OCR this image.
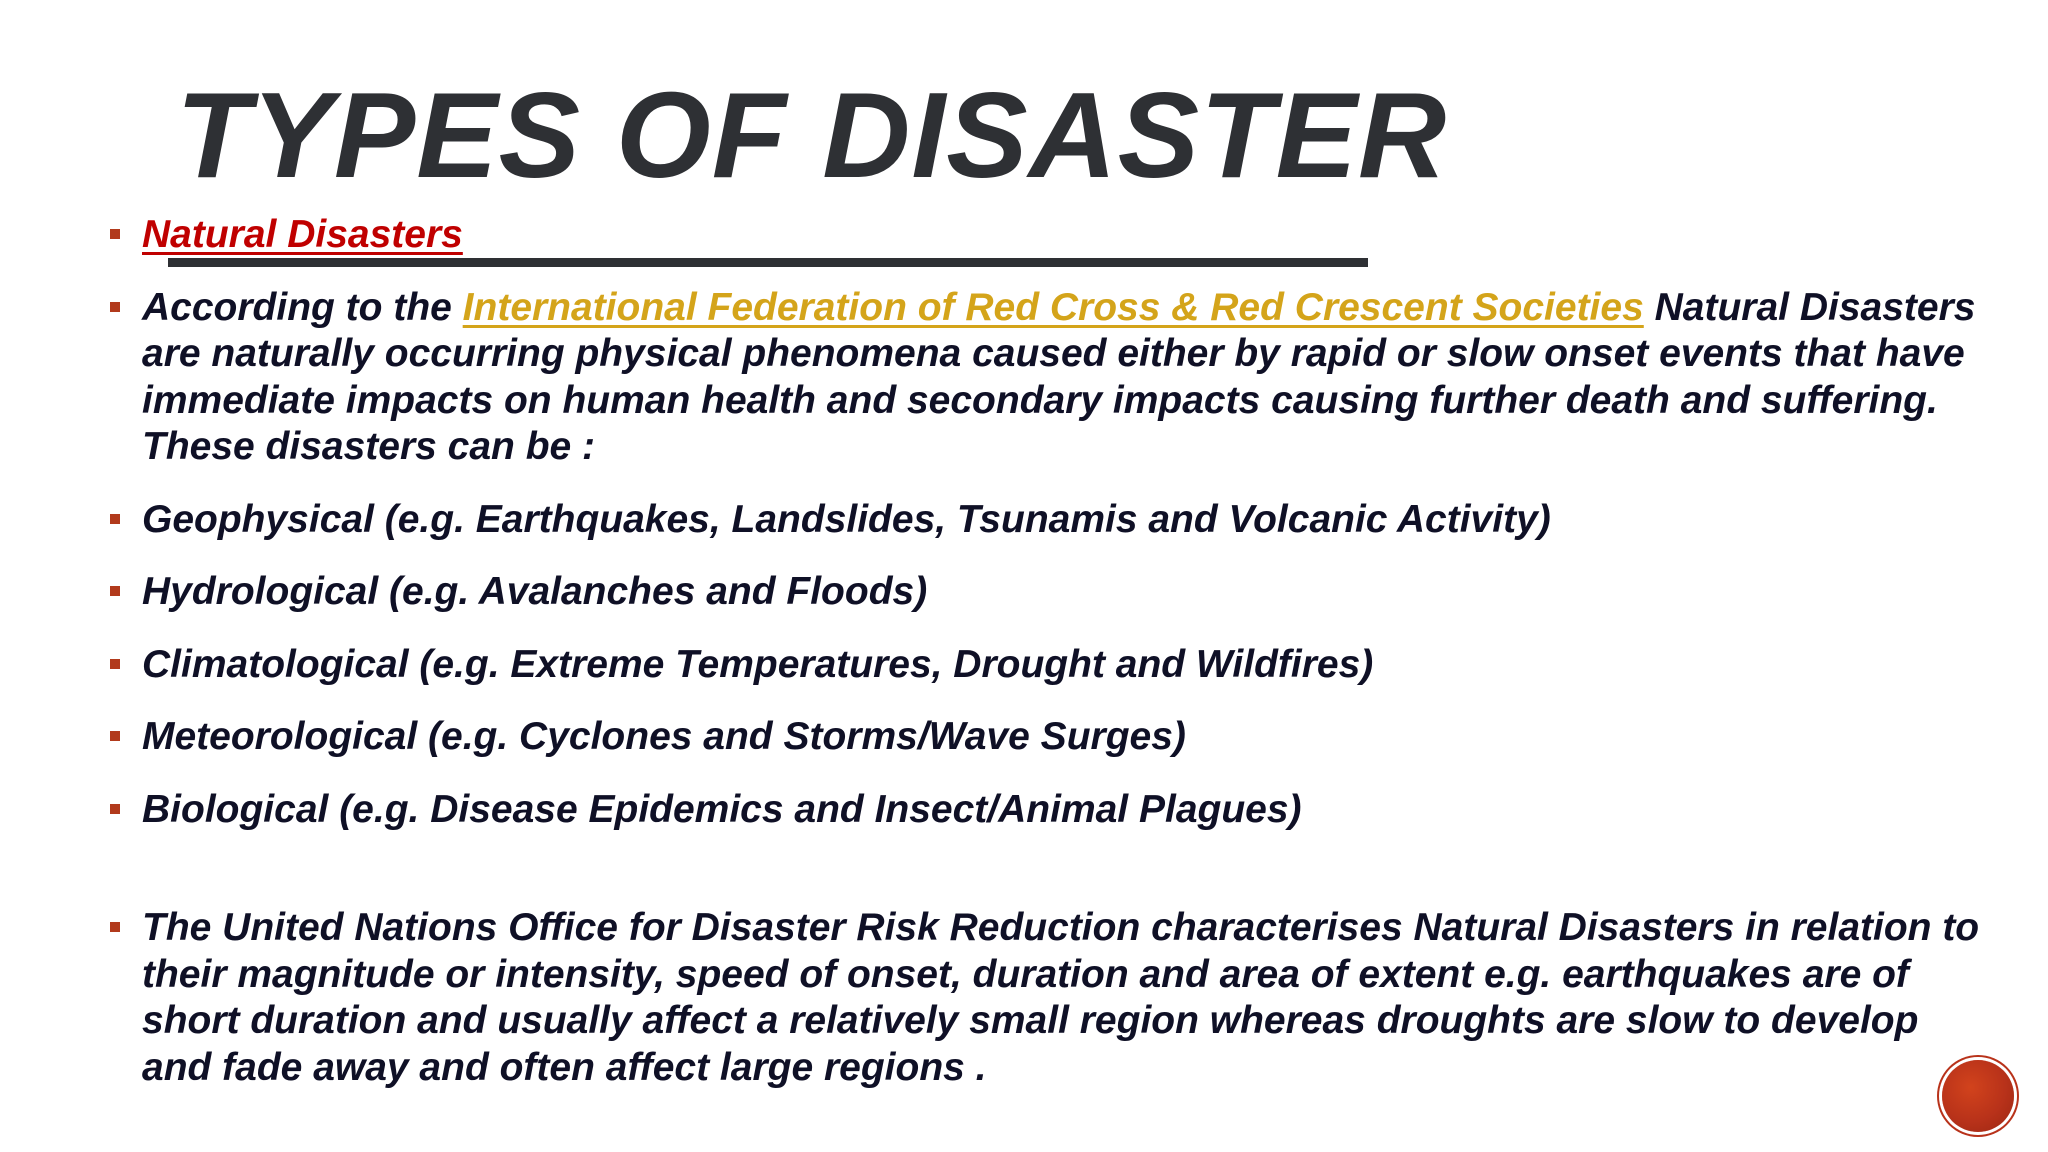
TYPES OF DISASTER
Natural Disasters
According to the International Federation of Red Cross & Red Crescent Societies Natural Disasters are naturally occurring physical phenomena caused either by rapid or slow onset events that have immediate impacts on human health and secondary impacts causing further death and suffering. These disasters can be :
Geophysical (e.g. Earthquakes, Landslides, Tsunamis and Volcanic Activity)
Hydrological (e.g. Avalanches and Floods)
Climatological (e.g. Extreme Temperatures, Drought and Wildfires)
Meteorological (e.g. Cyclones and Storms/Wave Surges)
Biological (e.g. Disease Epidemics and Insect/Animal Plagues)
The United Nations Office for Disaster Risk Reduction characterises Natural Disasters in relation to their magnitude or intensity, speed of onset, duration and area of extent e.g. earthquakes are of short duration and usually affect a relatively small region whereas droughts are slow to develop and fade away and often affect large regions .
